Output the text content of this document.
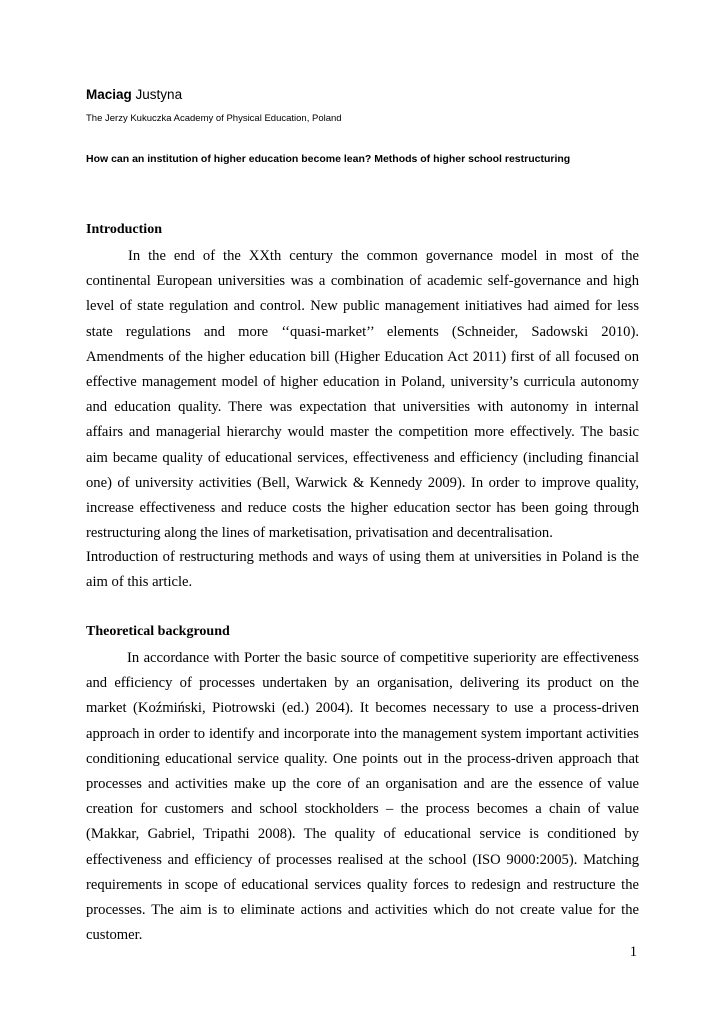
Maciag Justyna
The Jerzy Kukuczka Academy of Physical Education, Poland
How can an institution of higher education become lean? Methods of higher school restructuring
Introduction

In the end of the XXth century the common governance model in most of the continental European universities was a combination of academic self-governance and high level of state regulation and control. New public management initiatives had aimed for less state regulations and more ‘‘quasi-market’’ elements (Schneider, Sadowski 2010). Amendments of the higher education bill (Higher Education Act 2011) first of all focused on effective management model of higher education in Poland, university’s curricula autonomy and education quality. There was expectation that universities with autonomy in internal affairs and managerial hierarchy would master the competition more effectively. The basic aim became quality of educational services, effectiveness and efficiency (including financial one) of university activities (Bell, Warwick & Kennedy 2009). In order to improve quality, increase effectiveness and reduce costs the higher education sector has been going through restructuring along the lines of marketisation, privatisation and decentralisation.

Introduction of restructuring methods and ways of using them at universities in Poland is the aim of this article.

Theoretical background

In accordance with Porter the basic source of competitive superiority are effectiveness and efficiency of processes undertaken by an organisation, delivering its product on the market (Koźmiński, Piotrowski (ed.) 2004). It becomes necessary to use a process-driven approach in order to identify and incorporate into the management system important activities conditioning educational service quality. One points out in the process-driven approach that processes and activities make up the core of an organisation and are the essence of value creation for customers and school stockholders – the process becomes a chain of value (Makkar, Gabriel, Tripathi 2008). The quality of educational service is conditioned by effectiveness and efficiency of processes realised at the school (ISO 9000:2005). Matching requirements in scope of educational services quality forces to redesign and restructure the processes. The aim is to eliminate actions and activities which do not create value for the customer.

1
